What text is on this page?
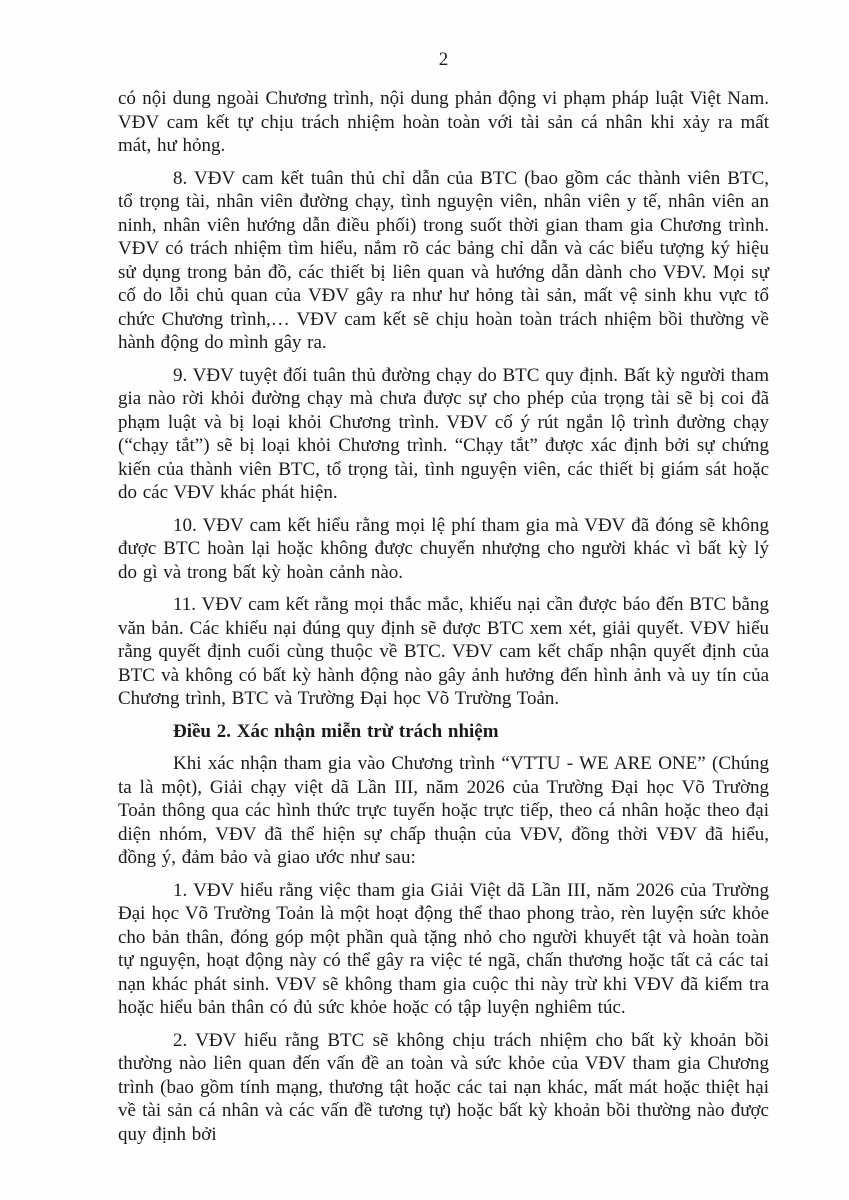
2

có nội dung ngoài Chương trình, nội dung phản động vi phạm pháp luật Việt Nam. VĐV cam kết tự chịu trách nhiệm hoàn toàn với tài sản cá nhân khi xảy ra mất mát, hư hỏng.

8. VĐV cam kết tuân thủ chỉ dẫn của BTC (bao gồm các thành viên BTC, tổ trọng tài, nhân viên đường chạy, tình nguyện viên, nhân viên y tế, nhân viên an ninh, nhân viên hướng dẫn điều phối) trong suốt thời gian tham gia Chương trình. VĐV có trách nhiệm tìm hiểu, nắm rõ các bảng chỉ dẫn và các biểu tượng ký hiệu sử dụng trong bản đồ, các thiết bị liên quan và hướng dẫn dành cho VĐV. Mọi sự cố do lỗi chủ quan của VĐV gây ra như hư hỏng tài sản, mất vệ sinh khu vực tổ chức Chương trình,… VĐV cam kết sẽ chịu hoàn toàn trách nhiệm bồi thường về hành động do mình gây ra.

9. VĐV tuyệt đối tuân thủ đường chạy do BTC quy định. Bất kỳ người tham gia nào rời khỏi đường chạy mà chưa được sự cho phép của trọng tài sẽ bị coi đã phạm luật và bị loại khỏi Chương trình. VĐV cố ý rút ngắn lộ trình đường chạy (“chạy tắt”) sẽ bị loại khỏi Chương trình. “Chạy tắt” được xác định bởi sự chứng kiến của thành viên BTC, tổ trọng tài, tình nguyện viên, các thiết bị giám sát hoặc do các VĐV khác phát hiện.

10. VĐV cam kết hiểu rằng mọi lệ phí tham gia mà VĐV đã đóng sẽ không được BTC hoàn lại hoặc không được chuyển nhượng cho người khác vì bất kỳ lý do gì và trong bất kỳ hoàn cảnh nào.

11. VĐV cam kết rằng mọi thắc mắc, khiếu nại cần được báo đến BTC bằng văn bản. Các khiếu nại đúng quy định sẽ được BTC xem xét, giải quyết. VĐV hiểu rằng quyết định cuối cùng thuộc về BTC. VĐV cam kết chấp nhận quyết định của BTC và không có bất kỳ hành động nào gây ảnh hưởng đến hình ảnh và uy tín của Chương trình, BTC và Trường Đại học Võ Trường Toản.

Điều 2. Xác nhận miễn trừ trách nhiệm

Khi xác nhận tham gia vào Chương trình “VTTU - WE ARE ONE” (Chúng ta là một), Giải chạy việt dã Lần III, năm 2026 của Trường Đại học Võ Trường Toản thông qua các hình thức trực tuyến hoặc trực tiếp, theo cá nhân hoặc theo đại diện nhóm, VĐV đã thể hiện sự chấp thuận của VĐV, đồng thời VĐV đã hiểu, đồng ý, đảm bảo và giao ước như sau:

1. VĐV hiểu rằng việc tham gia Giải Việt dã Lần III, năm 2026 của Trường Đại học Võ Trường Toản là một hoạt động thể thao phong trào, rèn luyện sức khỏe cho bản thân, đóng góp một phần quà tặng nhỏ cho người khuyết tật và hoàn toàn tự nguyện, hoạt động này có thể gây ra việc té ngã, chấn thương hoặc tất cả các tai nạn khác phát sinh. VĐV sẽ không tham gia cuộc thi này trừ khi VĐV đã kiểm tra hoặc hiểu bản thân có đủ sức khỏe hoặc có tập luyện nghiêm túc.

2. VĐV hiểu rằng BTC sẽ không chịu trách nhiệm cho bất kỳ khoản bồi thường nào liên quan đến vấn đề an toàn và sức khỏe của VĐV tham gia Chương trình (bao gồm tính mạng, thương tật hoặc các tai nạn khác, mất mát hoặc thiệt hại về tài sản cá nhân và các vấn đề tương tự) hoặc bất kỳ khoản bồi thường nào được quy định bởi
